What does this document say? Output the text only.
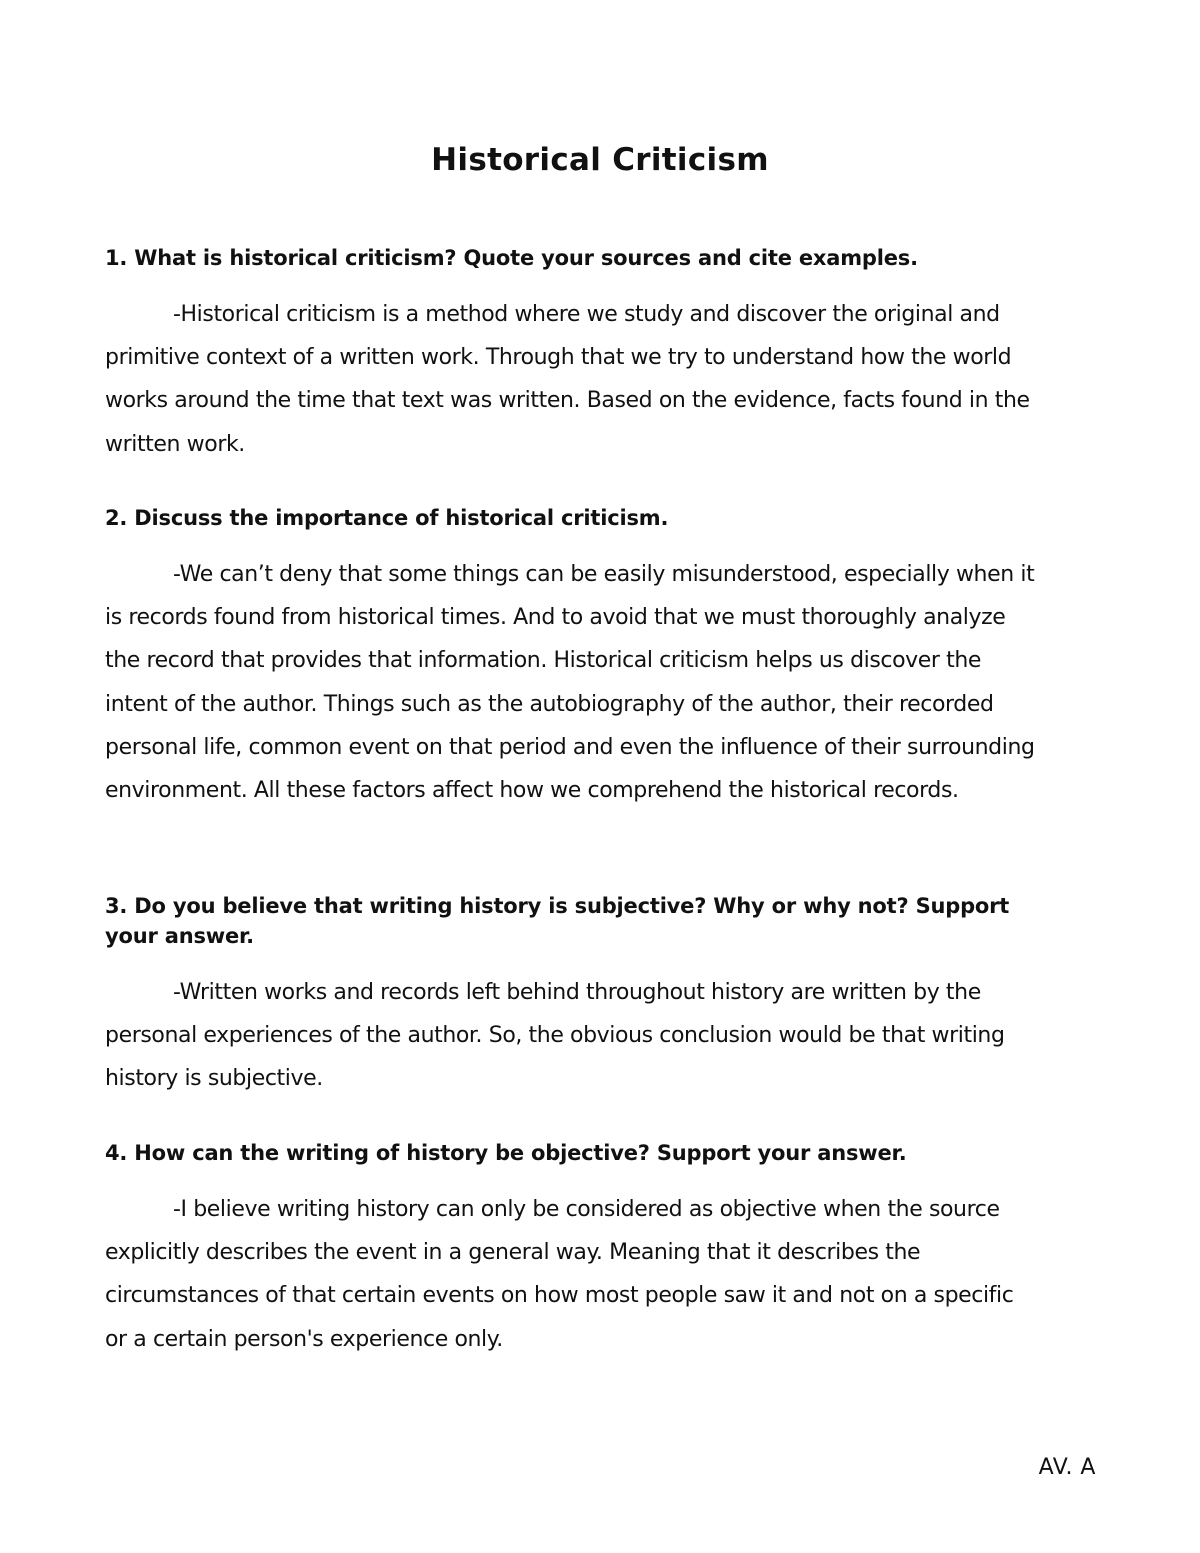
Historical Criticism
1. What is historical criticism? Quote your sources and cite examples.
-Historical criticism is a method where we study and discover the original and primitive context of a written work. Through that we try to understand how the world works around the time that text was written. Based on the evidence, facts found in the written work.
2. Discuss the importance of historical criticism.
-We can’t deny that some things can be easily misunderstood, especially when it is records found from historical times. And to avoid that we must thoroughly analyze the record that provides that information. Historical criticism helps us discover the intent of the author. Things such as the autobiography of the author, their recorded personal life, common event on that period and even the influence of their surrounding environment. All these factors affect how we comprehend the historical records.
3. Do you believe that writing history is subjective? Why or why not? Support your answer.
-Written works and records left behind throughout history are written by the personal experiences of the author. So, the obvious conclusion would be that writing history is subjective.
4. How can the writing of history be objective? Support your answer.
-I believe writing history can only be considered as objective when the source explicitly describes the event in a general way. Meaning that it describes the circumstances of that certain events on how most people saw it and not on a specific or a certain person's experience only.
AV. A
